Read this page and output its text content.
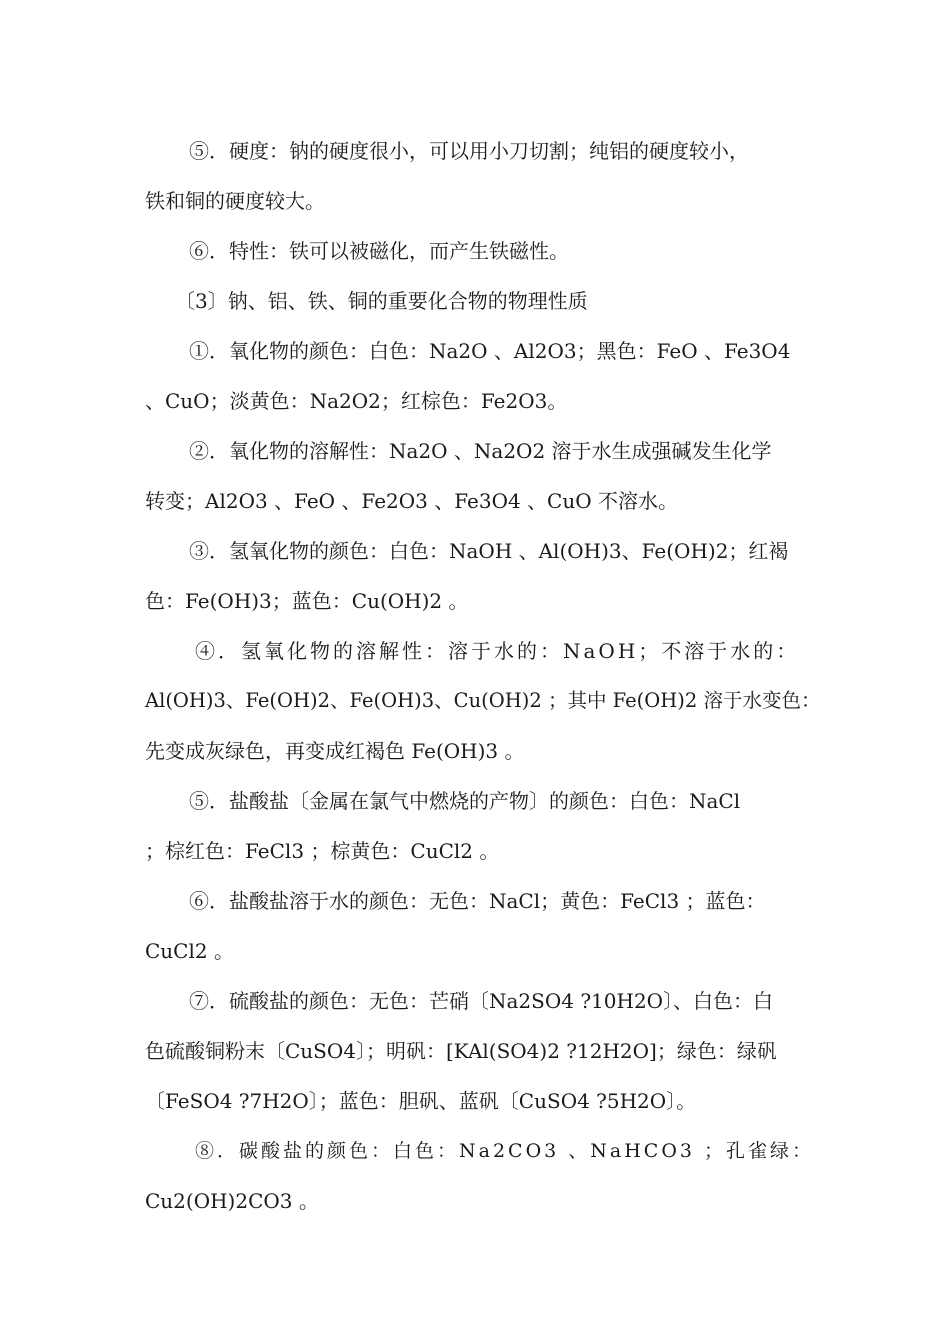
⑤．硬度：钠的硬度很小，可以用小刀切割；纯铝的硬度较小，
铁和铜的硬度较大。
⑥．特性：铁可以被磁化，而产生铁磁性。
〔3〕钠、铝、铁、铜的重要化合物的物理性质
①．氧化物的颜色：白色：Na2O 、Al2O3；黑色：FeO 、Fe3O4
、CuO；淡黄色：Na2O2；红棕色：Fe2O3。
②．氧化物的溶解性：Na2O 、Na2O2 溶于水生成强碱发生化学
转变；Al2O3 、FeO 、Fe2O3 、Fe3O4 、CuO 不溶水。
③．氢氧化物的颜色：白色：NaOH 、Al(OH)3、Fe(OH)2；红褐
色：Fe(OH)3；蓝色：Cu(OH)2 。
④．氢氧化物的溶解性：溶于水的：NaOH；不溶于水的：
Al(OH)3、Fe(OH)2、Fe(OH)3、Cu(OH)2 ；其中 Fe(OH)2 溶于水变色：
先变成灰绿色，再变成红褐色 Fe(OH)3 。
⑤．盐酸盐〔金属在氯气中燃烧的产物〕的颜色：白色：NaCl
；棕红色：FeCl3 ；棕黄色：CuCl2 。
⑥．盐酸盐溶于水的颜色：无色：NaCl；黄色：FeCl3 ；蓝色：
CuCl2 。
⑦．硫酸盐的颜色：无色：芒硝〔Na2SO4 ?10H2O〕、白色：白
色硫酸铜粉末〔CuSO4〕；明矾：[KAl(SO4)2 ?12H2O]；绿色：绿矾
〔FeSO4 ?7H2O〕；蓝色：胆矾、蓝矾〔CuSO4 ?5H2O〕。
⑧．碳酸盐的颜色：白色：Na2CO3 、NaHCO3 ；孔雀绿：
Cu2(OH)2CO3 。
